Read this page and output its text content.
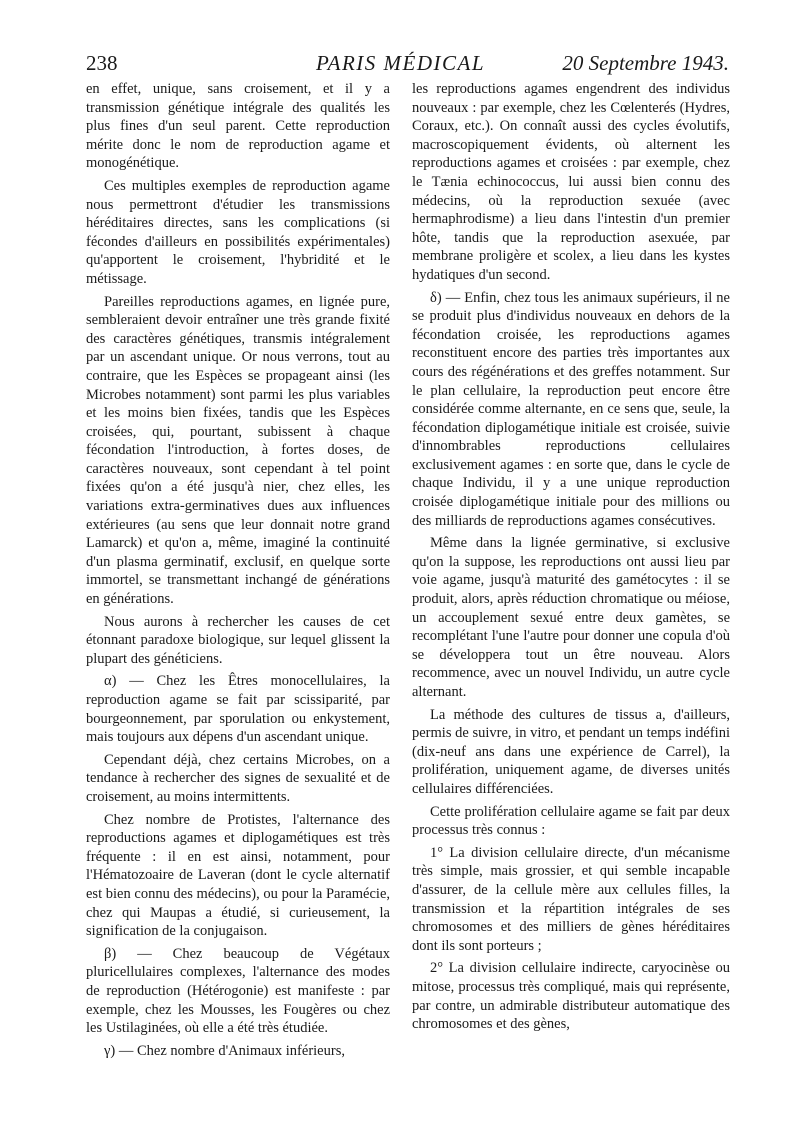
238	PARIS MÉDICAL	20 Septembre 1943.

en effet, unique, sans croisement, et il y a transmission génétique intégrale des qualités les plus fines d'un seul parent. Cette reproduction mérite donc le nom de reproduction agame et monogénétique.

Ces multiples exemples de reproduction agame nous permettront d'étudier les transmissions héréditaires directes, sans les complications (si fécondes d'ailleurs en possibilités expérimentales) qu'apportent le croisement, l'hybridité et le métissage.

Pareilles reproductions agames, en lignée pure, sembleraient devoir entraîner une très grande fixité des caractères génétiques, transmis intégralement par un ascendant unique. Or nous verrons, tout au contraire, que les Espèces se propageant ainsi (les Microbes notamment) sont parmi les plus variables et les moins bien fixées, tandis que les Espèces croisées, qui, pourtant, subissent à chaque fécondation l'introduction, à fortes doses, de caractères nouveaux, sont cependant à tel point fixées qu'on a été jusqu'à nier, chez elles, les variations extra-germinatives dues aux influences extérieures (au sens que leur donnait notre grand Lamarck) et qu'on a, même, imaginé la continuité d'un plasma germinatif, exclusif, en quelque sorte immortel, se transmettant inchangé de générations en générations.

Nous aurons à rechercher les causes de cet étonnant paradoxe biologique, sur lequel glissent la plupart des généticiens.

α) — Chez les Êtres monocellulaires, la reproduction agame se fait par scissiparité, par bourgeonnement, par sporulation ou enkystement, mais toujours aux dépens d'un ascendant unique.

Cependant déjà, chez certains Microbes, on a tendance à rechercher des signes de sexualité et de croisement, au moins intermittents.

Chez nombre de Protistes, l'alternance des reproductions agames et diplogamétiques est très fréquente : il en est ainsi, notamment, pour l'Hématozoaire de Laveran (dont le cycle alternatif est bien connu des médecins), ou pour la Paramécie, chez qui Maupas a étudié, si curieusement, la signification de la conjugaison.

β) — Chez beaucoup de Végétaux pluricellulaires complexes, l'alternance des modes de reproduction (Hétérogonie) est manifeste : par exemple, chez les Mousses, les Fougères ou chez les Ustilaginées, où elle a été très étudiée.

γ) — Chez nombre d'Animaux inférieurs,

les reproductions agames engendrent des individus nouveaux : par exemple, chez les Cœlenterés (Hydres, Coraux, etc.). On connaît aussi des cycles évolutifs, macroscopiquement évidents, où alternent les reproductions agames et croisées : par exemple, chez le Tænia echinococcus, lui aussi bien connu des médecins, où la reproduction sexuée (avec hermaphrodisme) a lieu dans l'intestin d'un premier hôte, tandis que la reproduction asexuée, par membrane proligère et scolex, a lieu dans les kystes hydatiques d'un second.

δ) — Enfin, chez tous les animaux supérieurs, il ne se produit plus d'individus nouveaux en dehors de la fécondation croisée, les reproductions agames reconstituent encore des parties très importantes aux cours des régénérations et des greffes notamment. Sur le plan cellulaire, la reproduction peut encore être considérée comme alternante, en ce sens que, seule, la fécondation diplogamétique initiale est croisée, suivie d'innombrables reproductions cellulaires exclusivement agames : en sorte que, dans le cycle de chaque Individu, il y a une unique reproduction croisée diplogamétique initiale pour des millions ou des milliards de reproductions agames consécutives.

Même dans la lignée germinative, si exclusive qu'on la suppose, les reproductions ont aussi lieu par voie agame, jusqu'à maturité des gamétocytes : il se produit, alors, après réduction chromatique ou méiose, un accouplement sexué entre deux gamètes, se recomplétant l'une l'autre pour donner une copula d'où se développera tout un être nouveau. Alors recommence, avec un nouvel Individu, un autre cycle alternant.

La méthode des cultures de tissus a, d'ailleurs, permis de suivre, in vitro, et pendant un temps indéfini (dix-neuf ans dans une expérience de Carrel), la prolifération, uniquement agame, de diverses unités cellulaires différenciées.

Cette prolifération cellulaire agame se fait par deux processus très connus :

1° La division cellulaire directe, d'un mécanisme très simple, mais grossier, et qui semble incapable d'assurer, de la cellule mère aux cellules filles, la transmission et la répartition intégrales de ses chromosomes et des milliers de gènes héréditaires dont ils sont porteurs ;

2° La division cellulaire indirecte, caryocinèse ou mitose, processus très compliqué, mais qui représente, par contre, un admirable distributeur automatique des chromosomes et des gènes,
